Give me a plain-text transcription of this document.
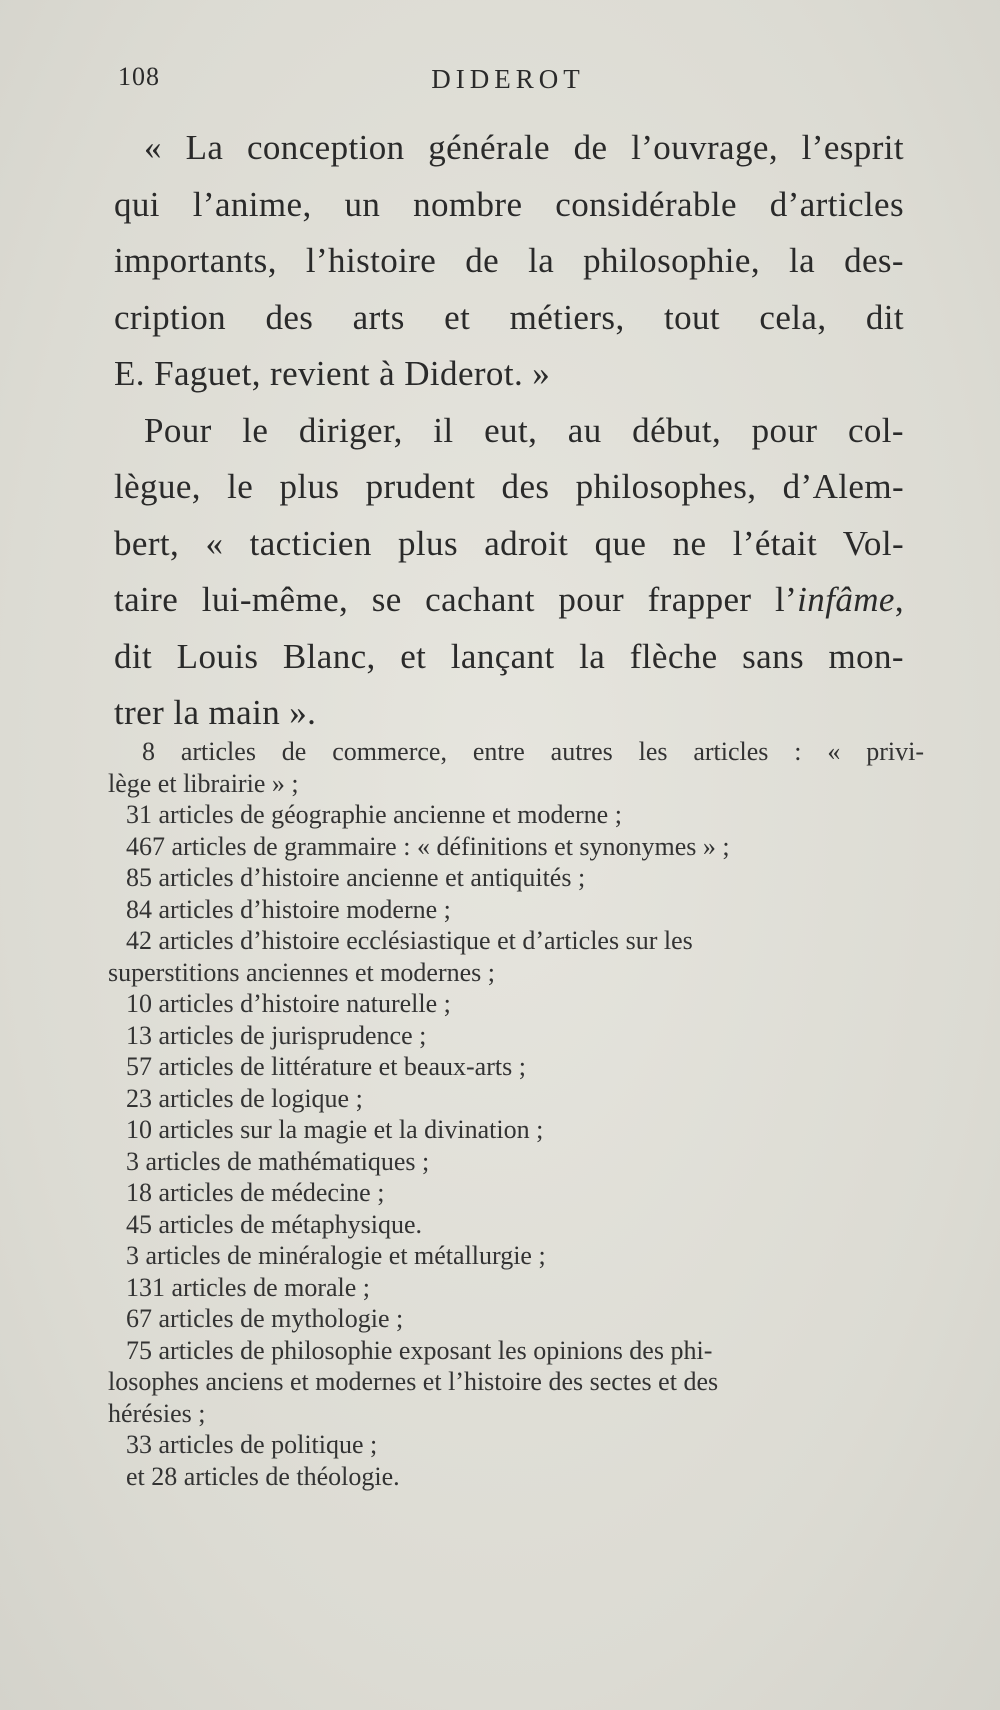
108	DIDEROT

« La conception générale de l’ouvrage, l’esprit
qui l’anime, un nombre considérable d’articles
importants, l’histoire de la philosophie, la des-
cription des arts et métiers, tout cela, dit
E. Faguet, revient à Diderot. »

Pour le diriger, il eut, au début, pour col-
lègue, le plus prudent des philosophes, d’Alem-
bert, « tacticien plus adroit que ne l’était Vol-
taire lui-même, se cachant pour frapper l’infâme,
dit Louis Blanc, et lançant la flèche sans mon-
trer la main ».

8 articles de commerce, entre autres les articles : « privi-
lège et librairie » ;
31 articles de géographie ancienne et moderne ;
467 articles de grammaire : « définitions et synonymes » ;
85 articles d’histoire ancienne et antiquités ;
84 articles d’histoire moderne ;
42 articles d’histoire ecclésiastique et d’articles sur les
superstitions anciennes et modernes ;
10 articles d’histoire naturelle ;
13 articles de jurisprudence ;
57 articles de littérature et beaux-arts ;
23 articles de logique ;
10 articles sur la magie et la divination ;
3 articles de mathématiques ;
18 articles de médecine ;
45 articles de métaphysique.
3 articles de minéralogie et métallurgie ;
131 articles de morale ;
67 articles de mythologie ;
75 articles de philosophie exposant les opinions des phi-
losophes anciens et modernes et l’histoire des sectes et des
hérésies ;
33 articles de politique ;
et 28 articles de théologie.
